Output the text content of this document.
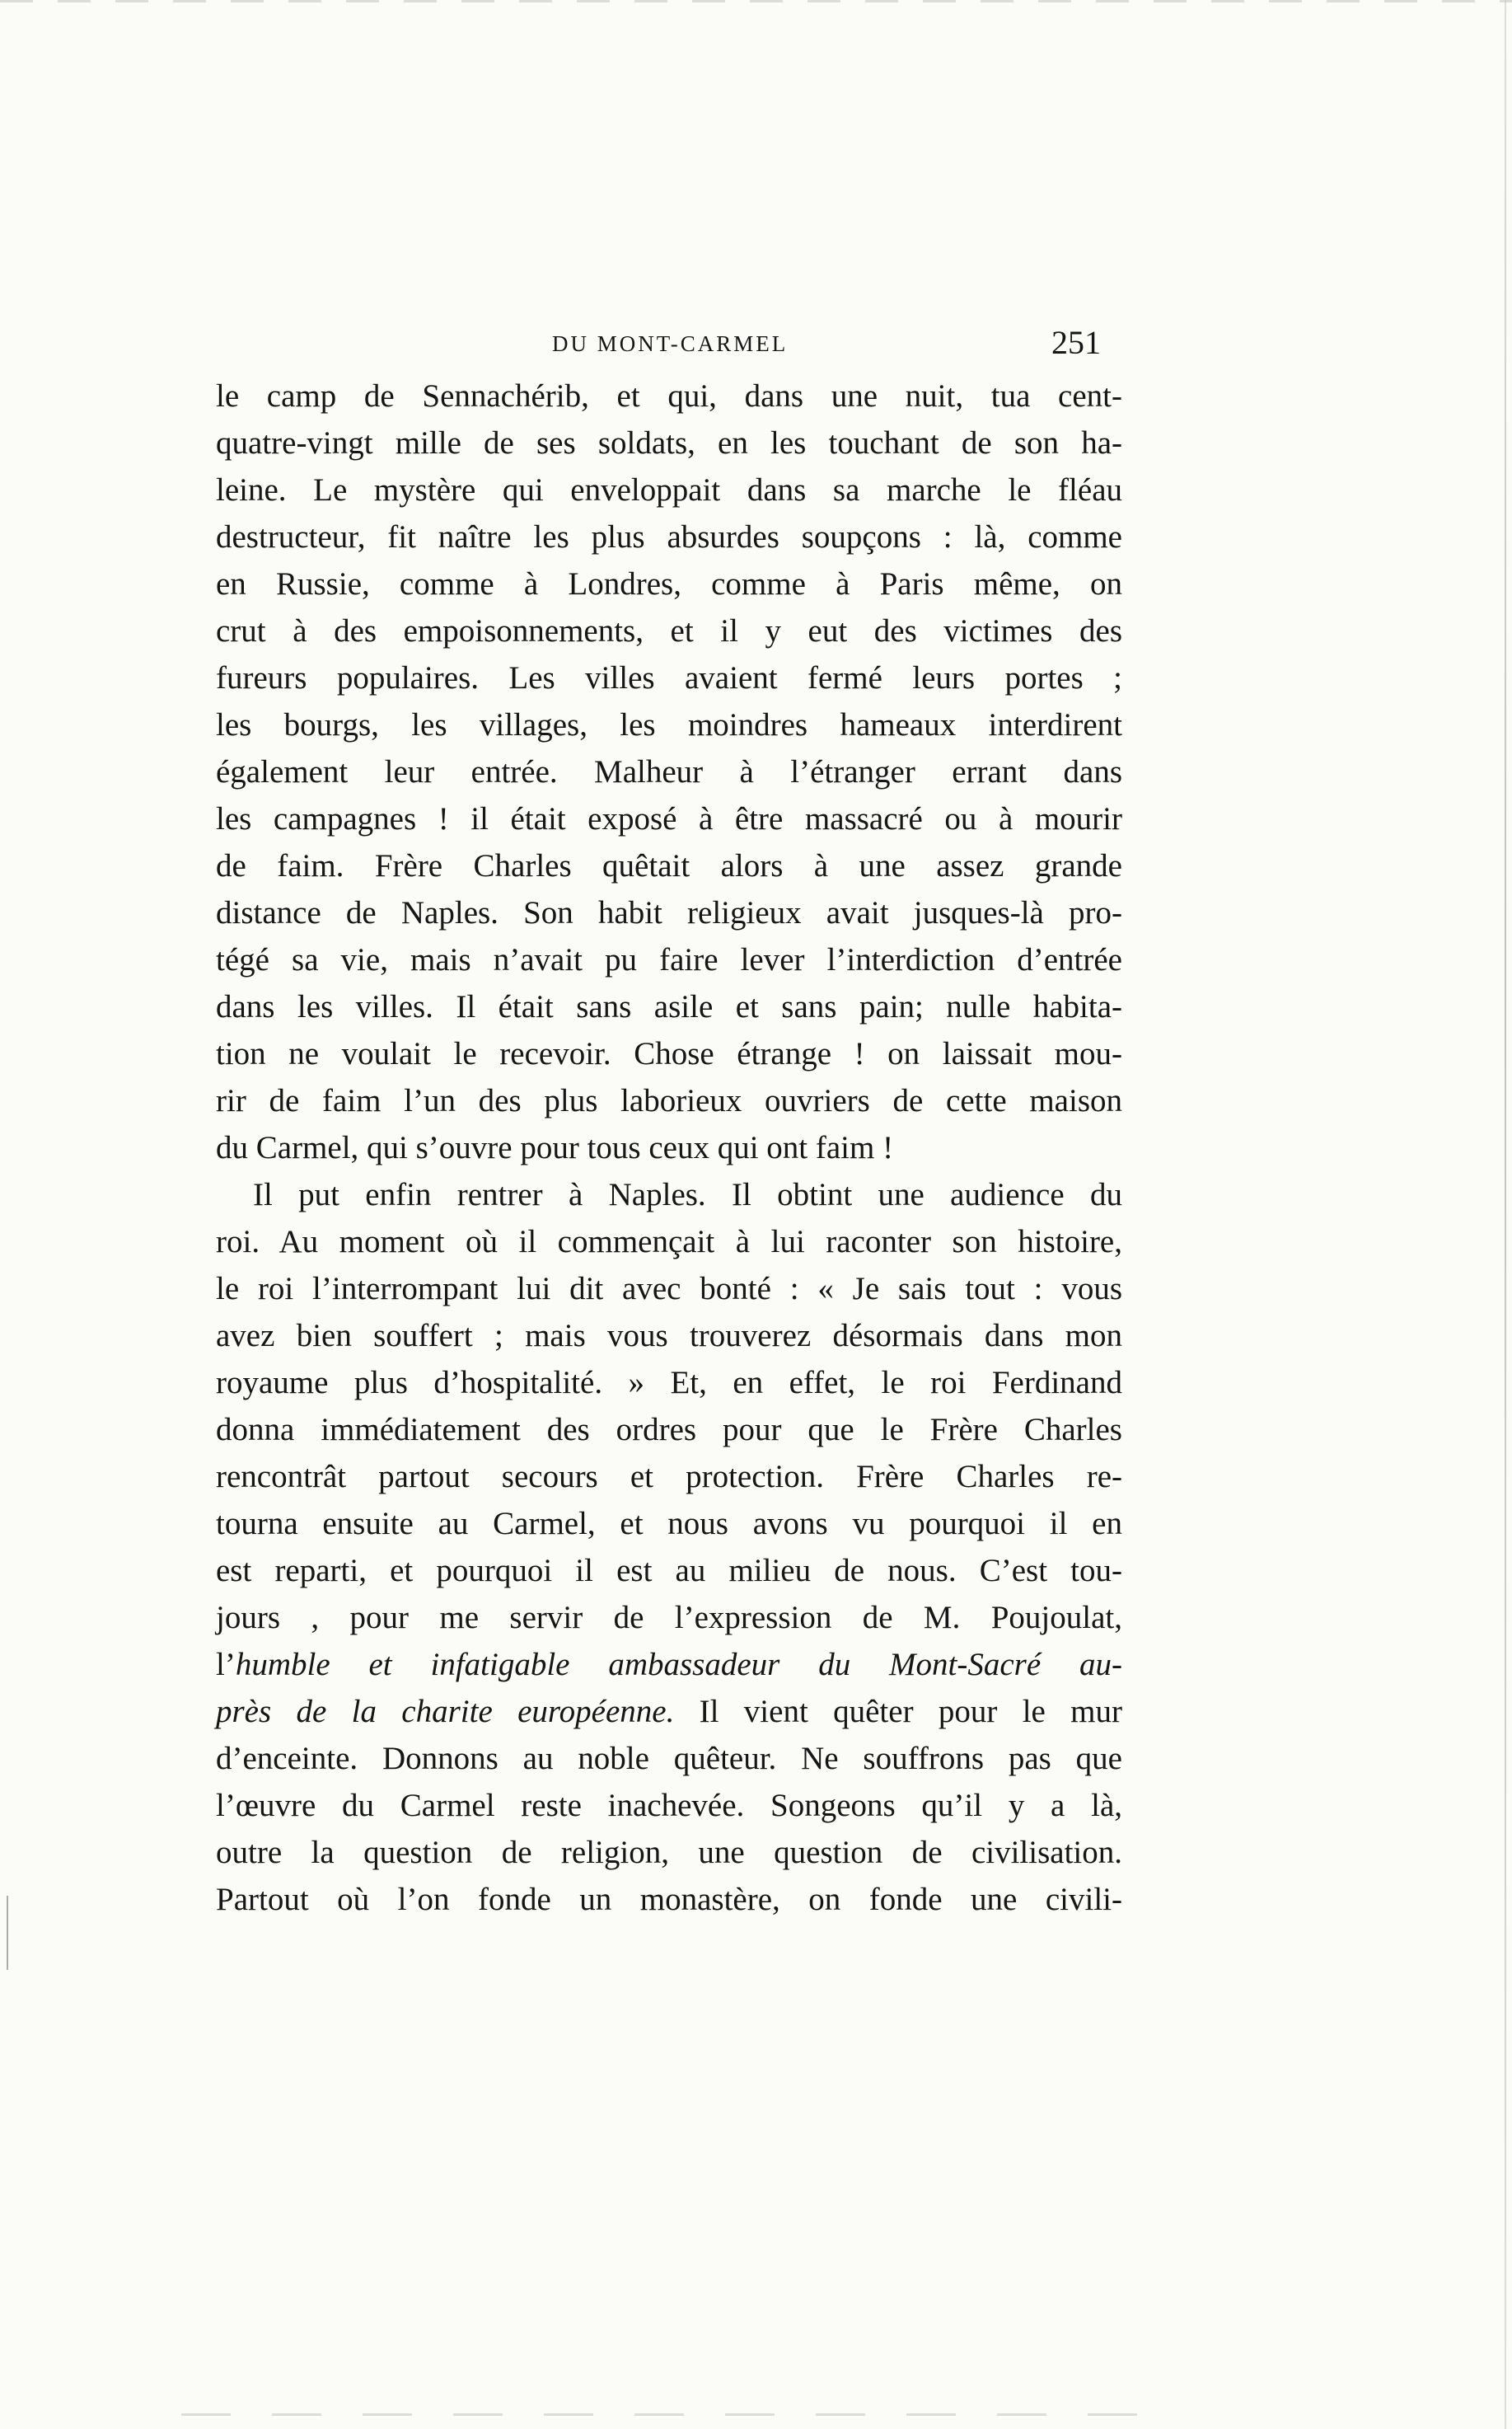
DU MONT-CARMEL	251
le camp de Sennachérib, et qui, dans une nuit, tua cent-
quatre-vingt mille de ses soldats, en les touchant de son ha-
leine. Le mystère qui enveloppait dans sa marche le fléau
destructeur, fit naître les plus absurdes soupçons : là, comme
en Russie, comme à Londres, comme à Paris même, on
crut à des empoisonnements, et il y eut des victimes des
fureurs populaires. Les villes avaient fermé leurs portes ;
les bourgs, les villages, les moindres hameaux interdirent
également leur entrée. Malheur à l’étranger errant dans
les campagnes ! il était exposé à être massacré ou à mourir
de faim. Frère Charles quêtait alors à une assez grande
distance de Naples. Son habit religieux avait jusques-là pro-
tégé sa vie, mais n’avait pu faire lever l’interdiction d’entrée
dans les villes. Il était sans asile et sans pain; nulle habita-
tion ne voulait le recevoir. Chose étrange ! on laissait mou-
rir de faim l’un des plus laborieux ouvriers de cette maison
du Carmel, qui s’ouvre pour tous ceux qui ont faim !
Il put enfin rentrer à Naples. Il obtint une audience du
roi. Au moment où il commençait à lui raconter son histoire,
le roi l’interrompant lui dit avec bonté : « Je sais tout : vous
avez bien souffert ; mais vous trouverez désormais dans mon
royaume plus d’hospitalité. » Et, en effet, le roi Ferdinand
donna immédiatement des ordres pour que le Frère Charles
rencontrât partout secours et protection. Frère Charles re-
tourna ensuite au Carmel, et nous avons vu pourquoi il en
est reparti, et pourquoi il est au milieu de nous. C’est tou-
jours , pour me servir de l’expression de M. Poujoulat,
l’humble et infatigable ambassadeur du Mont-Sacré au-
près de la charite européenne. Il vient quêter pour le mur
d’enceinte. Donnons au noble quêteur. Ne souffrons pas que
l’œuvre du Carmel reste inachevée. Songeons qu’il y a là,
outre la question de religion, une question de civilisation.
Partout où l’on fonde un monastère, on fonde une civili-
